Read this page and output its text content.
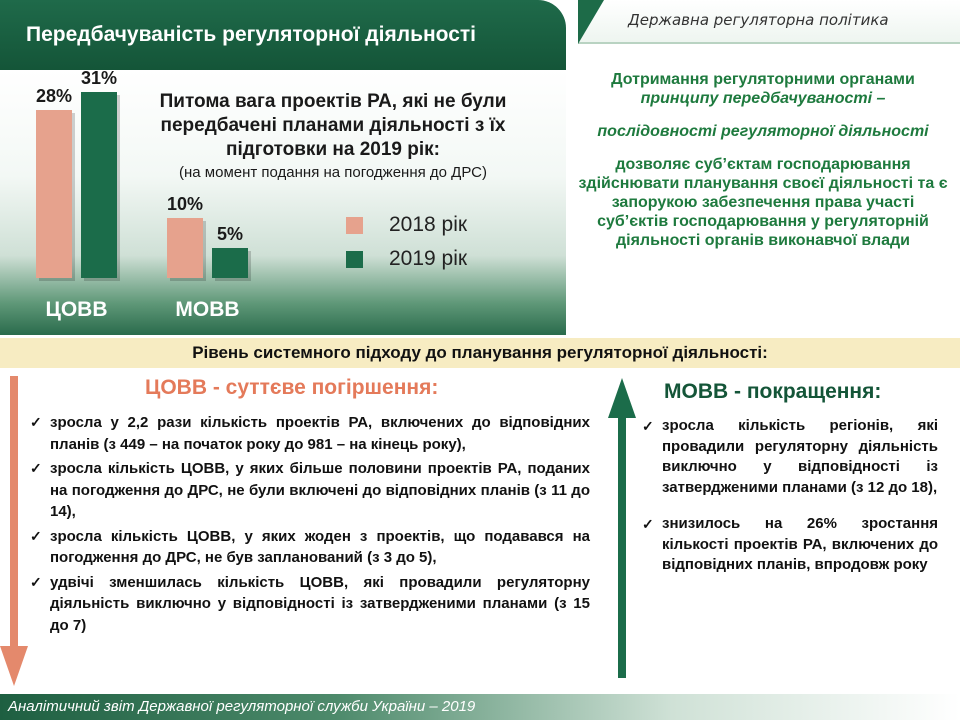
Передбачуваність регуляторної діяльності
Державна регуляторна політика
28%
31%
ЦОВВ
10%
5%
МОВВ
Питома вага проектів РА, які не були
передбачені планами діяльності з їх
підготовки на 2019 рік:
(на момент подання на погодження до ДРС)
2018 рік
2019 рік
Дотримання регуляторними органами
принципу передбачуваності –
послідовності регуляторної діяльності
дозволяє суб’єктам господарювання здійснювати планування своєї діяльності та є запорукою забезпечення права участі суб’єктів господарювання у регуляторній діяльності органів виконавчої влади
Рівень системного підходу до планування регуляторної діяльності:
ЦОВВ - суттєве погіршення:
✓ зросла у 2,2 рази кількість проектів РА, включених до відповідних планів (з 449 – на початок року до 981 – на кінець року),
✓ зросла кількість ЦОВВ, у яких більше половини проектів РА, поданих на погодження до ДРС, не були включені до відповідних планів (з 11 до 14),
✓ зросла кількість ЦОВВ, у яких жоден з проектів, що подавався на погодження до ДРС, не був запланований (з 3 до 5),
✓ удвічі зменшилась кількість ЦОВВ, які провадили регуляторну діяльність виключно у відповідності із затвердженими планами (з 15 до 7)
МОВВ - покращення:
✓ зросла кількість регіонів, які провадили регуляторну діяльність виключно у відповідності із затвердженими планами (з 12 до 18),
✓ знизилось на 26% зростання кількості проектів РА, включених до відповідних планів, впродовж року
Аналітичний звіт Державної регуляторної служби України – 2019
